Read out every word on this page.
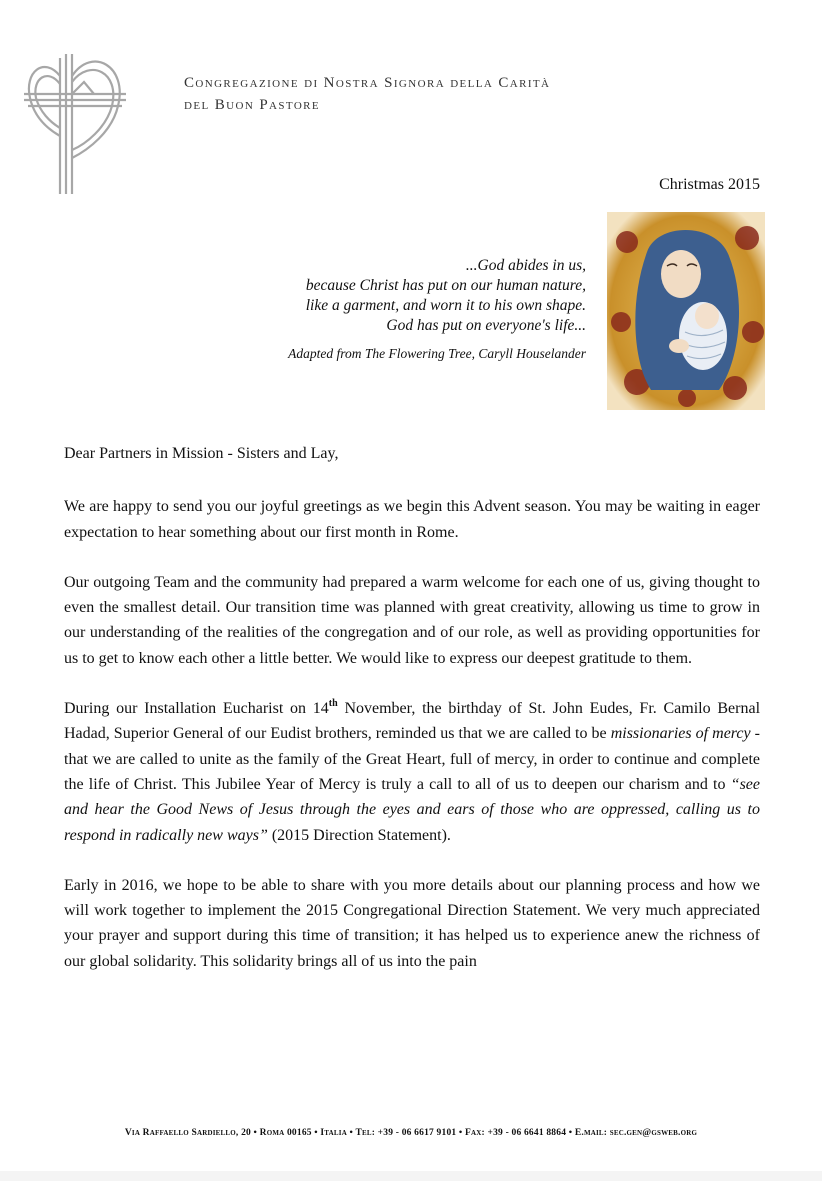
Congregazione di Nostra Signora della Carità
del Buon Pastore
Christmas 2015
...God abides in us,
because Christ has put on our human nature,
like a garment, and worn it to his own shape.
God has put on everyone's life...
Adapted from The Flowering Tree, Caryll Houselander

Dear Partners in Mission - Sisters and Lay,

We are happy to send you our joyful greetings as we begin this Advent season. You may be waiting in eager expectation to hear something about our first month in Rome.

Our outgoing Team and the community had prepared a warm welcome for each one of us, giving thought to even the smallest detail. Our transition time was planned with great creativity, allowing us time to grow in our understanding of the realities of the congregation and of our role, as well as providing opportunities for us to get to know each other a little better. We would like to express our deepest gratitude to them.

During our Installation Eucharist on 14th November, the birthday of St. John Eudes, Fr. Camilo Bernal Hadad, Superior General of our Eudist brothers, reminded us that we are called to be missionaries of mercy - that we are called to unite as the family of the Great Heart, full of mercy, in order to continue and complete the life of Christ. This Jubilee Year of Mercy is truly a call to all of us to deepen our charism and to “see and hear the Good News of Jesus through the eyes and ears of those who are oppressed, calling us to respond in radically new ways” (2015 Direction Statement).

Early in 2016, we hope to be able to share with you more details about our planning process and how we will work together to implement the 2015 Congregational Direction Statement. We very much appreciated your prayer and support during this time of transition; it has helped us to experience anew the richness of our global solidarity. This solidarity brings all of us into the pain

Via Raffaello Sardiello, 20 • Roma 00165 • Italia • Tel: +39 - 06 6617 9101 • Fax: +39 - 06 6641 8864 • E.mail: sec.gen@gsweb.org
